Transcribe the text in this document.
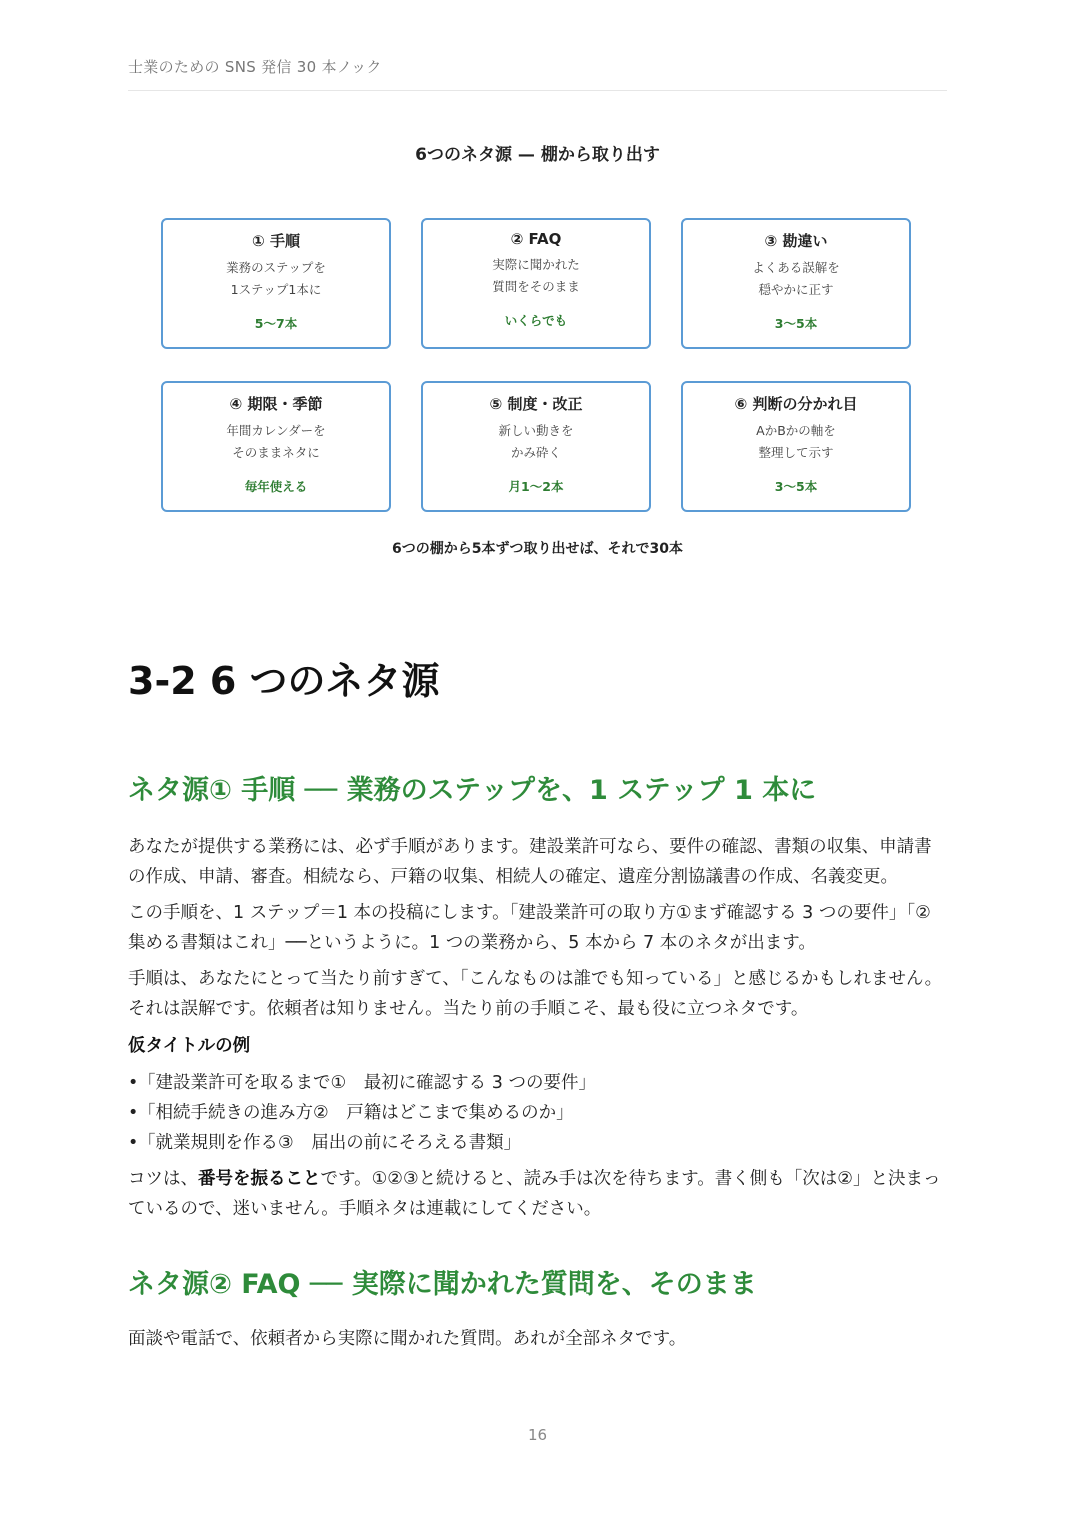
士業のための SNS 発信 30 本ノック
6つのネタ源 — 棚から取り出す
① 手順
業務のステップを
1ステップ1本に
5〜7本
② FAQ
実際に聞かれた
質問をそのまま
いくらでも
③ 勘違い
よくある誤解を
穏やかに正す
3〜5本
④ 期限・季節
年間カレンダーを
そのままネタに
毎年使える
⑤ 制度・改正
新しい動きを
かみ砕く
月1〜2本
⑥ 判断の分かれ目
AかBかの軸を
整理して示す
3〜5本
6つの棚から5本ずつ取り出せば、それで30本
3-2 6 つのネタ源
ネタ源① 手順 ── 業務のステップを、1 ステップ 1 本に

あなたが提供する業務には、必ず手順があります。建設業許可なら、要件の確認、書類の収集、申請書の作成、申請、審査。相続なら、戸籍の収集、相続人の確定、遺産分割協議書の作成、名義変更。

この手順を、1 ステップ＝1 本の投稿にします。「建設業許可の取り方①まず確認する 3 つの要件」「②集める書類はこれ」──というように。1 つの業務から、5 本から 7 本のネタが出ます。

手順は、あなたにとって当たり前すぎて、「こんなものは誰でも知っている」と感じるかもしれません。それは誤解です。依頼者は知りません。当たり前の手順こそ、最も役に立つネタです。

仮タイトルの例

•「建設業許可を取るまで①　最初に確認する 3 つの要件」
•「相続手続きの進み方②　戸籍はどこまで集めるのか」
•「就業規則を作る③　届出の前にそろえる書類」

コツは、番号を振ることです。①②③と続けると、読み手は次を待ちます。書く側も「次は②」と決まっているので、迷いません。手順ネタは連載にしてください。

ネタ源② FAQ ── 実際に聞かれた質問を、そのまま

面談や電話で、依頼者から実際に聞かれた質問。あれが全部ネタです。

16
